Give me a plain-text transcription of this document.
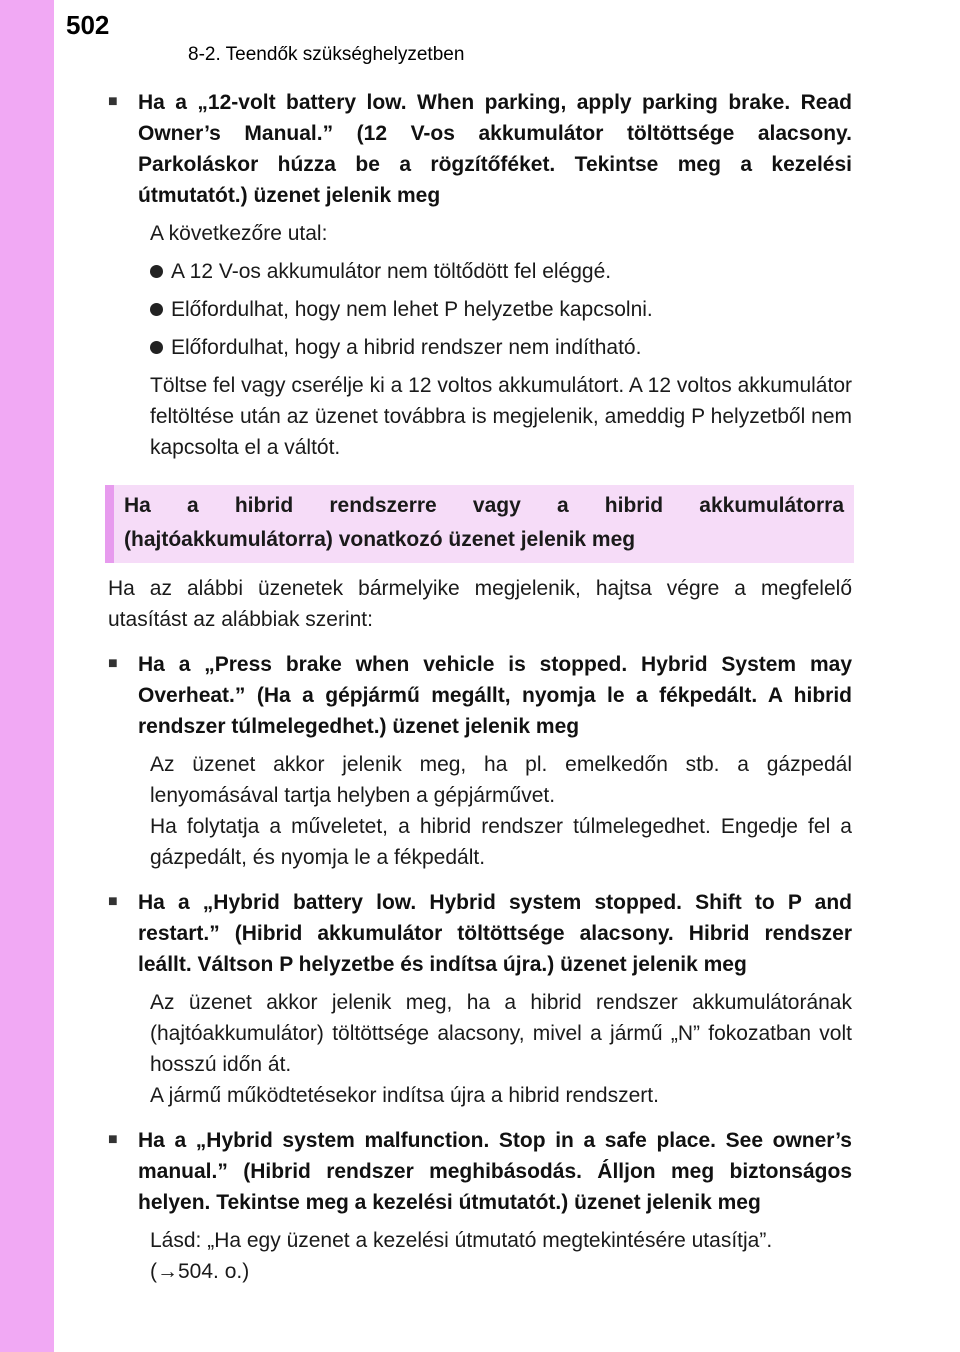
502
8-2. Teendők szükséghelyzetben
■ Ha a „12-volt battery low. When parking, apply parking brake. Read Owner’s Manual.” (12 V-os akkumulátor töltöttsége alacsony. Parkoláskor húzza be a rögzítőféket. Tekintse meg a kezelési útmutatót.) üzenet jelenik meg

A következőre utal:

A 12 V-os akkumulátor nem töltődött fel eléggé.
Előfordulhat, hogy nem lehet P helyzetbe kapcsolni.
Előfordulhat, hogy a hibrid rendszer nem indítható.

Töltse fel vagy cserélje ki a 12 voltos akkumulátort. A 12 voltos akkumulátor feltöltése után az üzenet továbbra is megjelenik, ameddig P helyzetből nem kapcsolta el a váltót.

Ha a hibrid rendszerre vagy a hibrid akkumulátorra (hajtóakkumulátorra) vonatkozó üzenet jelenik meg

Ha az alábbi üzenetek bármelyike megjelenik, hajtsa végre a megfelelő utasítást az alábbiak szerint:

■ Ha a „Press brake when vehicle is stopped. Hybrid System may Overheat.” (Ha a gépjármű megállt, nyomja le a fékpedált. A hibrid rendszer túlmelegedhet.) üzenet jelenik meg

Az üzenet akkor jelenik meg, ha pl. emelkedőn stb. a gázpedál lenyomásával tartja helyben a gépjárművet.

Ha folytatja a műveletet, a hibrid rendszer túlmelegedhet. Engedje fel a gázpedált, és nyomja le a fékpedált.

■ Ha a „Hybrid battery low. Hybrid system stopped. Shift to P and restart.” (Hibrid akkumulátor töltöttsége alacsony. Hibrid rendszer leállt. Váltson P helyzetbe és indítsa újra.) üzenet jelenik meg

Az üzenet akkor jelenik meg, ha a hibrid rendszer akkumulátorának (hajtóakkumulátor) töltöttsége alacsony, mivel a jármű „N” fokozatban volt hosszú időn át.

A jármű működtetésekor indítsa újra a hibrid rendszert.

■ Ha a „Hybrid system malfunction. Stop in a safe place. See owner’s manual.” (Hibrid rendszer meghibásodás. Álljon meg biztonságos helyen. Tekintse meg a kezelési útmutatót.) üzenet jelenik meg

Lásd: „Ha egy üzenet a kezelési útmutató megtekintésére utasítja”.

(→504. o.)
